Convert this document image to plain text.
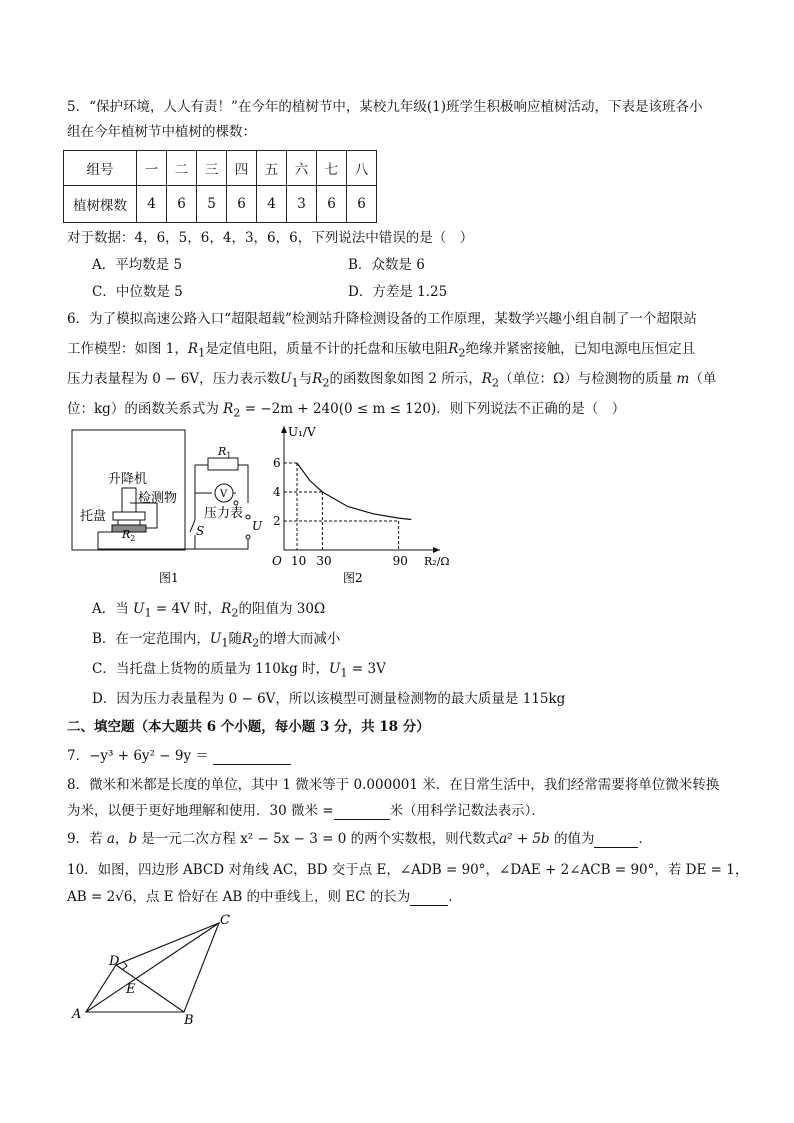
5．“保护环境，人人有责！”在今年的植树节中，某校九年级(1)班学生积极响应植树活动，下表是该班各小
组在今年植树节中植树的棵数：
组号	一	二	三	四	五	六	七	八
植树棵数	4	6	5	6	4	3	6	6
对于数据：4，6，5，6，4，3，6，6，下列说法中错误的是（　）
A．平均数是 5	B．众数是 6
C．中位数是 5	D．方差是 1.25
6．为了模拟高速公路入口“超限超载”检测站升降检测设备的工作原理，某数学兴趣小组自制了一个超限站
工作模型：如图 1，$R_1$是定值电阻，质量不计的托盘和压敏电阻$R_2$绝缘并紧密接触，已知电源电压恒定且
压力表量程为 0 − 6V，压力表示数$U_1$与$R_2$的函数图象如图 2 所示，$R_2$（单位：Ω）与检测物的质量 m（单
位：kg）的函数关系式为 $R_2 = -2m + 240(0 \le m \le 120)$．则下列说法不正确的是（　）
升降机
检测物
托盘
$R_2$
$R_1$
V
压力表
S	U
图1
U₁/V
R₂/Ω
O 10 30	90
2
4
6
图2
A．当 $U_1 = 4V$ 时，$R_2$的阻值为 30Ω
B．在一定范围内，$U_1$随$R_2$的增大而减小
C．当托盘上货物的质量为 110kg 时，$U_1 = 3V$
D．因为压力表量程为 0 − 6V，所以该模型可测量检测物的最大质量是 115kg
二、填空题（本大题共 6 个小题，每小题 3 分，共 18 分）
7．−y³ + 6y² − 9y ＝
8．微米和米都是长度的单位，其中 1 微米等于 0.000001 米．在日常生活中，我们经常需要将单位微米转换
为米，以便于更好地理解和使用．30 微米 =	米（用科学记数法表示）．
9．若 a，b 是一元二次方程 x² − 5x − 3 = 0 的两个实数根，则代数式a² + 5b 的值为	．
10．如图，四边形 ABCD 对角线 AC，BD 交于点 E，∠ADB = 90°，∠DAE + 2∠ACB = 90°，若 DE = 1，
AB = 2√6，点 E 恰好在 AB 的中垂线上，则 EC 的长为	．
A	B
C
D
E
